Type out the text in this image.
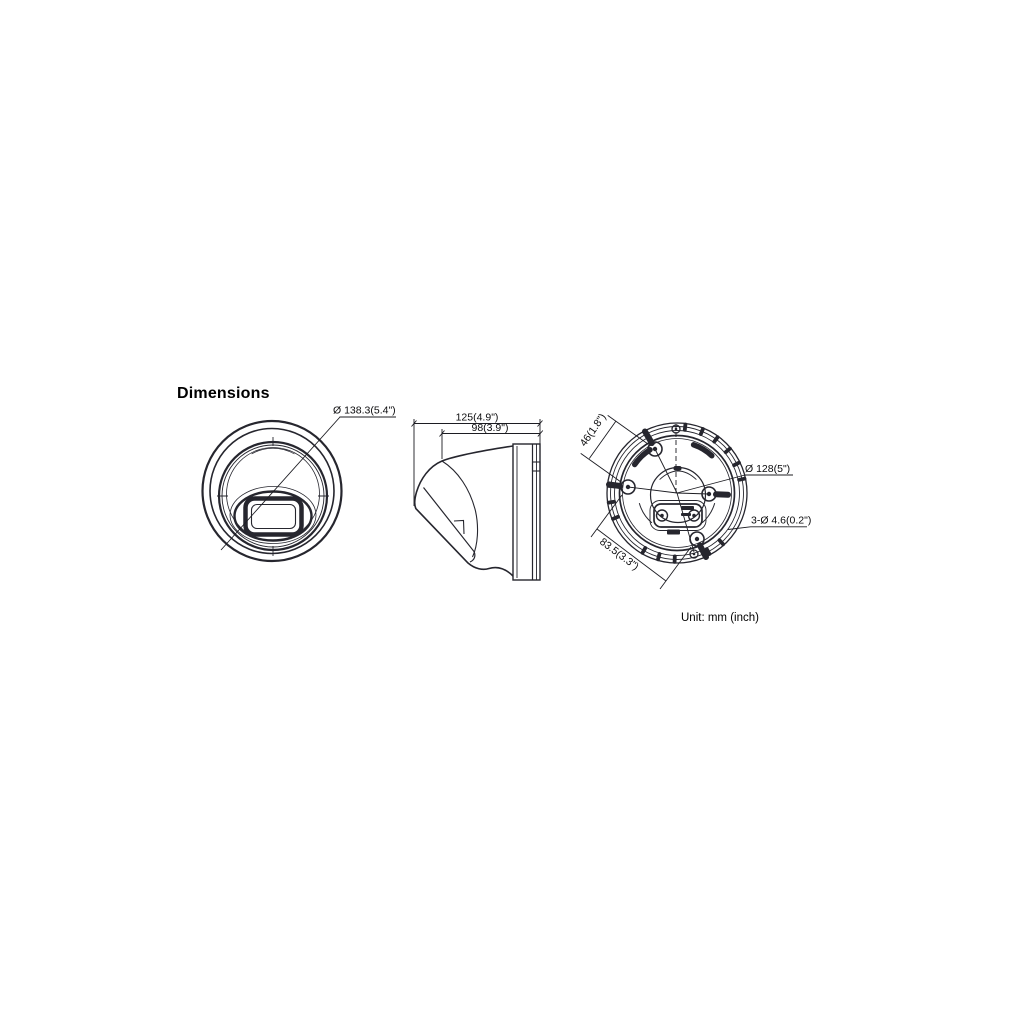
Dimensions
Ø 138.3(5.4")
125(4.9")
98(3.9")	46(1.8")
83.5(3.3")
Ø 128(5")
3-Ø 4.6(0.2")
Unit: mm (inch)
